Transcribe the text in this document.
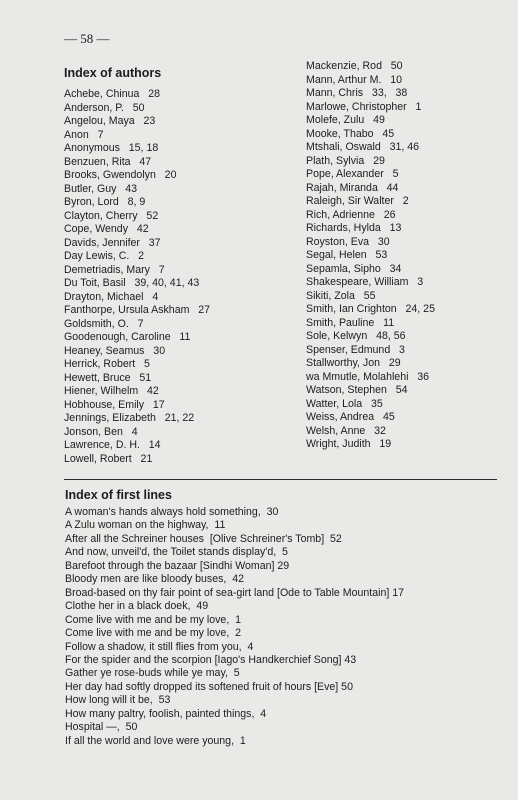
— 58 —
Index of authors
Achebe, Chinua   28
Anderson, P.   50
Angelou, Maya   23
Anon   7
Anonymous   15, 18
Benzuen, Rita   47
Brooks, Gwendolyn   20
Butler, Guy   43
Byron, Lord   8, 9
Clayton, Cherry   52
Cope, Wendy   42
Davids, Jennifer   37
Day Lewis, C.   2
Demetriadis, Mary   7
Du Toit, Basil   39, 40, 41, 43
Drayton, Michael   4
Fanthorpe, Ursula Askham   27
Goldsmith, O.   7
Goodenough, Caroline   11
Heaney, Seamus   30
Herrick, Robert   5
Hewett, Bruce   51
Hiener, Wilhelm   42
Hobhouse, Emily   17
Jennings, Elizabeth   21, 22
Jonson, Ben   4
Lawrence, D. H.   14
Lowell, Robert   21
Mackenzie, Rod   50
Mann, Arthur M.   10
Mann, Chris   33,   38
Marlowe, Christopher   1
Molefe, Zulu   49
Mooke, Thabo   45
Mtshali, Oswald   31, 46
Plath, Sylvia   29
Pope, Alexander   5
Rajah, Miranda   44
Raleigh, Sir Walter   2
Rich, Adrienne   26
Richards, Hylda   13
Royston, Eva   30
Segal, Helen   53
Sepamla, Sipho   34
Shakespeare, William   3
Sikiti, Zola   55
Smith, Ian Crighton   24, 25
Smith, Pauline   11
Sole, Kelwyn   48, 56
Spenser, Edmund   3
Stallworthy, Jon   29
wa Mmutle, Molahlehi   36
Watson, Stephen   54
Watter, Lola   35
Weiss, Andrea   45
Welsh, Anne   32
Wright, Judith   19
Index of first lines
A woman's hands always hold something,  30
A Zulu woman on the highway,  11
After all the Schreiner houses  [Olive Schreiner's Tomb]  52
And now, unveil'd, the Toilet stands display'd,  5
Barefoot through the bazaar [Sindhi Woman] 29
Bloody men are like bloody buses,  42
Broad-based on thy fair point of sea-girt land [Ode to Table Mountain] 17
Clothe her in a black doek,  49
Come live with me and be my love,  1
Come live with me and be my love,  2
Follow a shadow, it still flies from you,  4
For the spider and the scorpion [Iago's Handkerchief Song] 43
Gather ye rose-buds while ye may,  5
Her day had softly dropped its softened fruit of hours [Eve] 50
How long will it be,  53
How many paltry, foolish, painted things,  4
Hospital —,  50
If all the world and love were young,  1
